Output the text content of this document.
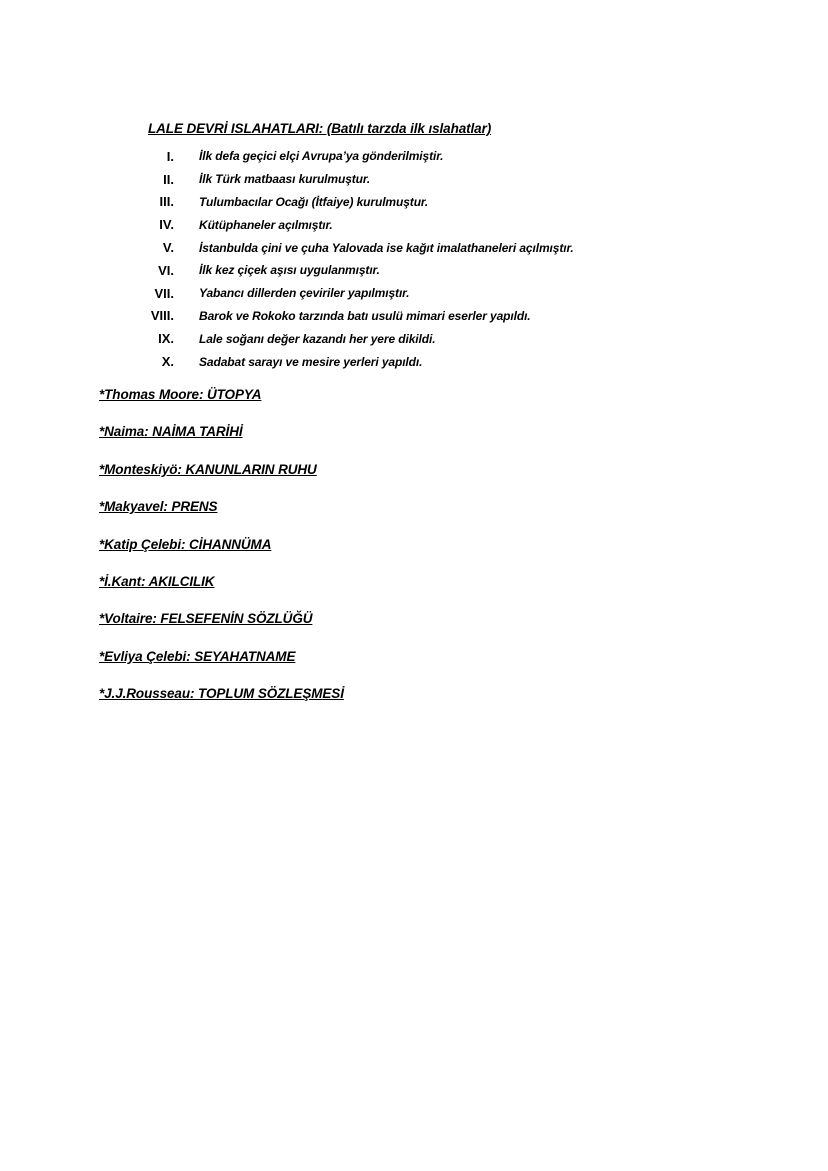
LALE DEVRİ ISLAHATLARI: (Batılı tarzda ilk ıslahatlar)
I.	İlk defa geçici elçi Avrupa’ya gönderilmiştir.
II.	İlk Türk matbaası kurulmuştur.
III.	Tulumbacılar Ocağı (İtfaiye) kurulmuştur.
IV.	Kütüphaneler açılmıştır.
V.	İstanbulda çini ve çuha Yalovada ise kağıt imalathaneleri açılmıştır.
VI.	İlk kez çiçek aşısı uygulanmıştır.
VII.	Yabancı dillerden çeviriler yapılmıştır.
VIII.	Barok ve Rokoko tarzında batı usulü mimari eserler yapıldı.
IX.	Lale soğanı değer kazandı her yere dikildi.
X.	Sadabat sarayı ve mesire yerleri yapıldı.
*Thomas Moore: ÜTOPYA
*Naima: NAİMA TARİHİ
*Monteskiyö: KANUNLARIN RUHU
*Makyavel: PRENS
*Katip Çelebi: CİHANNÜMA
*İ.Kant: AKILCILIK
*Voltaire: FELSEFENİN SÖZLÜĞÜ
*Evliya Çelebi: SEYAHATNAME
*J.J.Rousseau: TOPLUM SÖZLEŞMESİ
